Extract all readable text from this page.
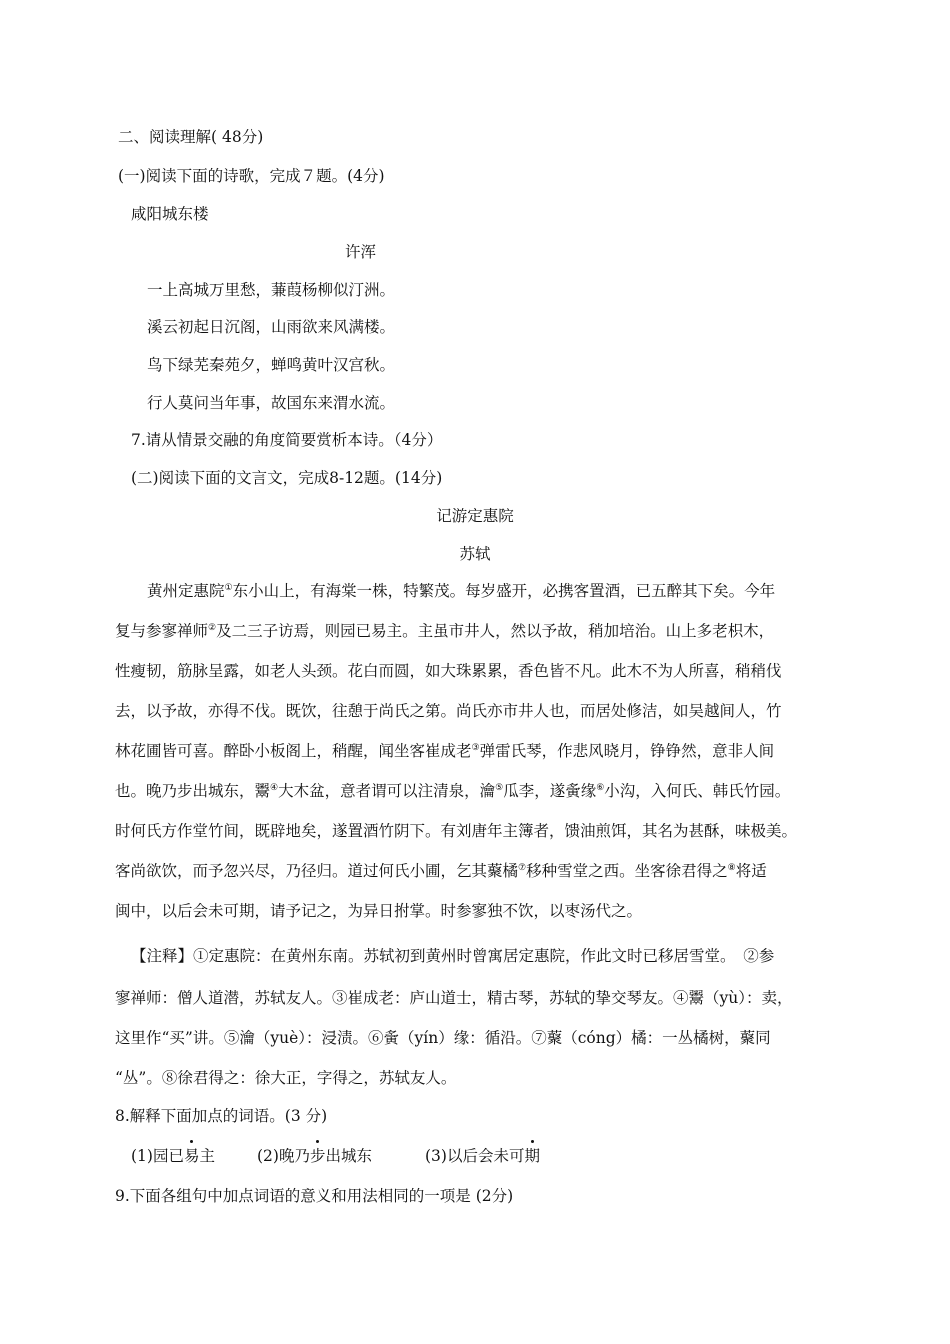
二、阅读理解( 48分)
(一)阅读下面的诗歌，完成７题。(4分)
咸阳城东楼
许浑
一上高城万里愁，蒹葭杨柳似汀洲。
溪云初起日沉阁，山雨欲来风满楼。
鸟下绿芜秦苑夕，蝉鸣黄叶汉宫秋。
行人莫问当年事，故国东来渭水流。
7.请从情景交融的角度简要赏析本诗。（4分）
(二)阅读下面的文言文，完成8-12题。(14分)
记游定惠院
苏轼
黄州定惠院①东小山上，有海棠一株，特繁茂。每岁盛开，必携客置酒，已五醉其下矣。今年
复与参寥禅师②及二三子访焉，则园已易主。主虽市井人，然以予故，稍加培治。山上多老枳木，
性瘦韧，筋脉呈露，如老人头颈。花白而圆，如大珠累累，香色皆不凡。此木不为人所喜，稍稍伐
去，以予故，亦得不伐。既饮，往憩于尚氏之第。尚氏亦市井人也，而居处修洁，如吴越间人，竹
林花圃皆可喜。醉卧小板阁上，稍醒，闻坐客崔成老③弹雷氏琴，作悲风晓月，铮铮然，意非人间
也。晚乃步出城东，鬻④大木盆，意者谓可以注清泉，瀹⑤瓜李，遂夤缘⑥小沟，入何氏、韩氏竹园。
时何氏方作堂竹间，既辟地矣，遂置酒竹阴下。有刘唐年主簿者，馈油煎饵，其名为甚酥，味极美。
客尚欲饮，而予忽兴尽，乃径归。道过何氏小圃，乞其藂橘⑦移种雪堂之西。坐客徐君得之⑧将适
闽中，以后会未可期，请予记之，为异日拊掌。时参寥独不饮，以枣汤代之。
【注释】①定惠院：在黄州东南。苏轼初到黄州时曾寓居定惠院，作此文时已移居雪堂。　②参
寥禅师：僧人道潜，苏轼友人。③崔成老：庐山道士，精古琴，苏轼的挚交琴友。④鬻（yù）：卖，
这里作“买”讲。⑤瀹（yuè）：浸渍。⑥夤（yín）缘：循沿。⑦藂（cóng）橘：一丛橘树，藂同
“丛”。⑧徐君得之：徐大正，字得之，苏轼友人。
8.解释下面加点的词语。(3 分)
(1)园已易主	(2)晚乃步出城东	(3)以后会未可期
9.下面各组句中加点词语的意义和用法相同的一项是 (2分)
